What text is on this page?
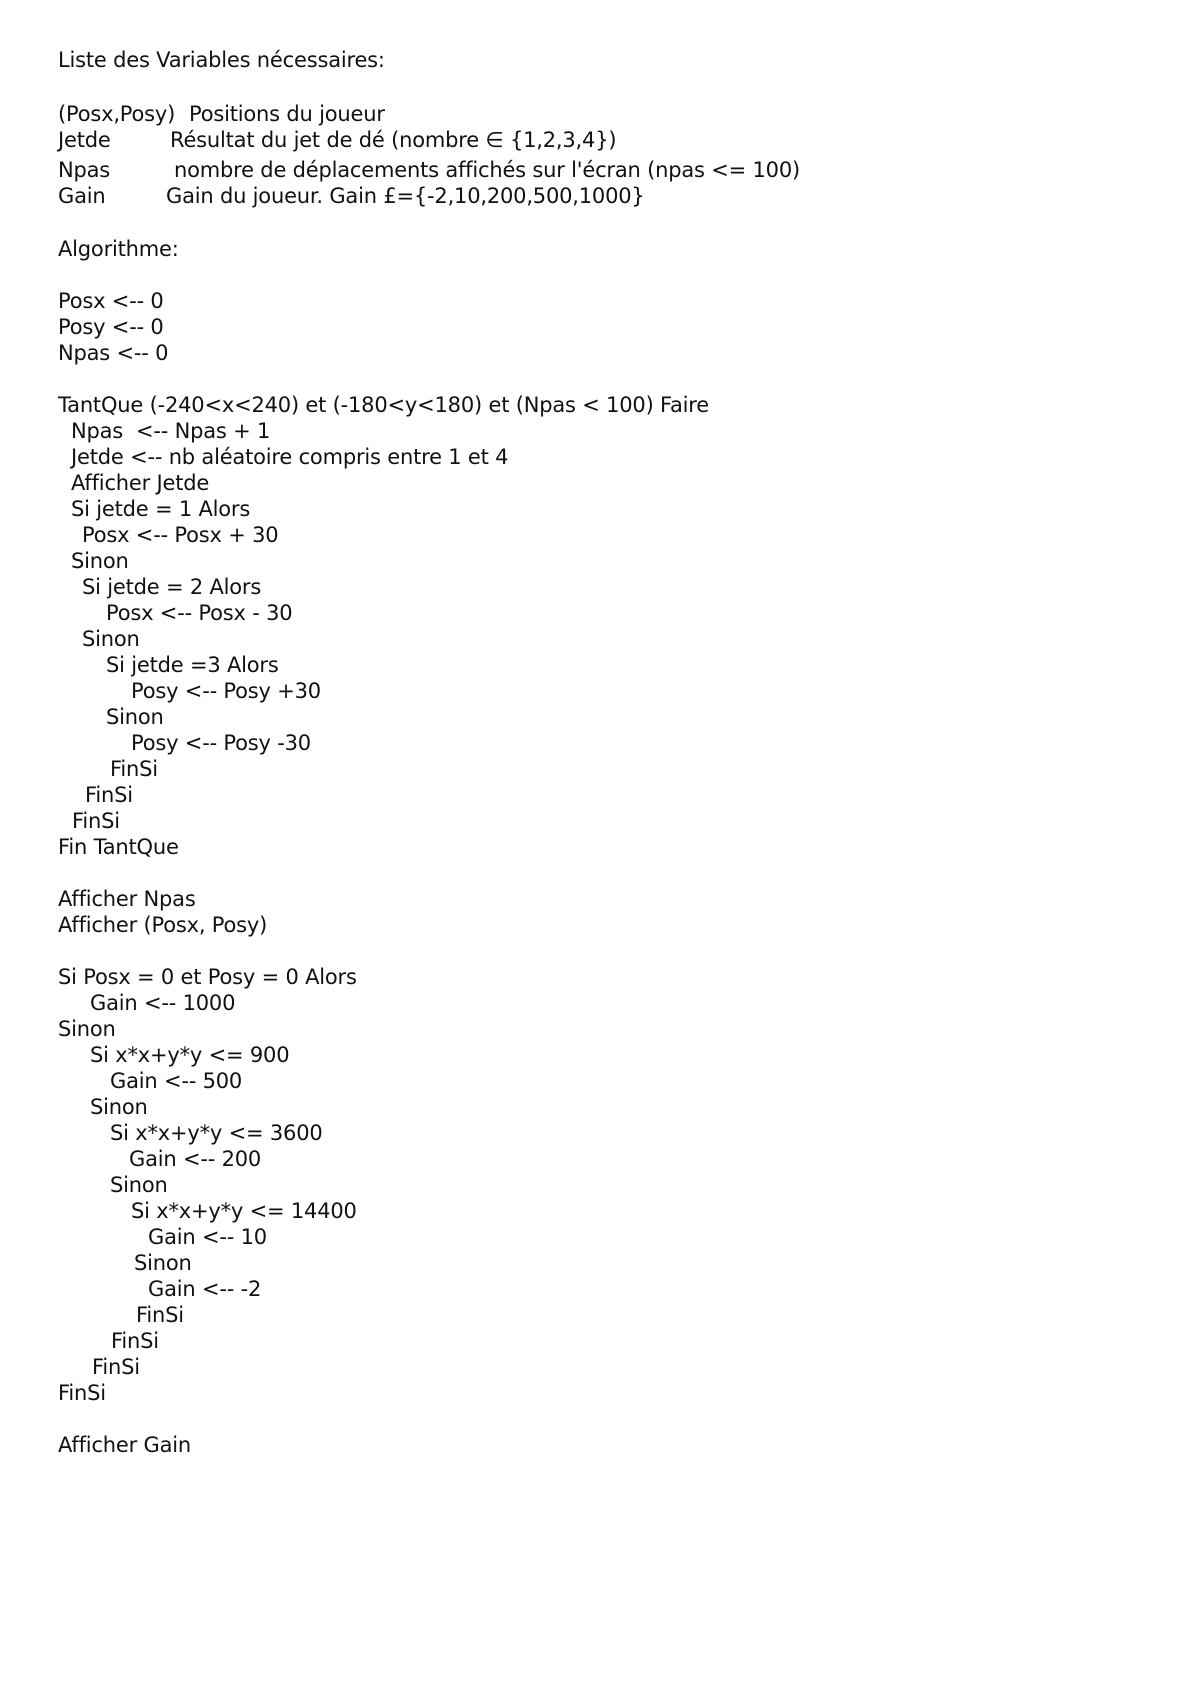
Liste des Variables nécessaires:
(Posx,Posy) Positions du joueur
Jetde	Résultat du jet de dé (nombre ∈ {1,2,3,4})
Npas	nombre de déplacements affichés sur l'écran (npas <= 100)
Gain	Gain du joueur. Gain £={-2,10,200,500,1000}
Algorithme:
Posx <-- 0
Posy <-- 0
Npas <-- 0
TantQue (-240<x<240) et (-180<y<180) et (Npas < 100) Faire
Npas  <-- Npas + 1
Jetde <-- nb aléatoire compris entre 1 et 4
Afficher Jetde
Si jetde = 1 Alors
Posx <-- Posx + 30
Sinon
Si jetde = 2 Alors
Posx <-- Posx - 30
Sinon
Si jetde =3 Alors
Posy <-- Posy +30
Sinon
Posy <-- Posy -30
FinSi
FinSi
FinSi
Fin TantQue
Afficher Npas
Afficher (Posx, Posy)
Si Posx = 0 et Posy = 0 Alors
Gain <-- 1000
Sinon
Si x*x+y*y <= 900
Gain <-- 500
Sinon
Si x*x+y*y <= 3600
Gain <-- 200
Sinon
Si x*x+y*y <= 14400
Gain <-- 10
Sinon
Gain <-- -2
FinSi
FinSi
FinSi
FinSi
Afficher Gain
